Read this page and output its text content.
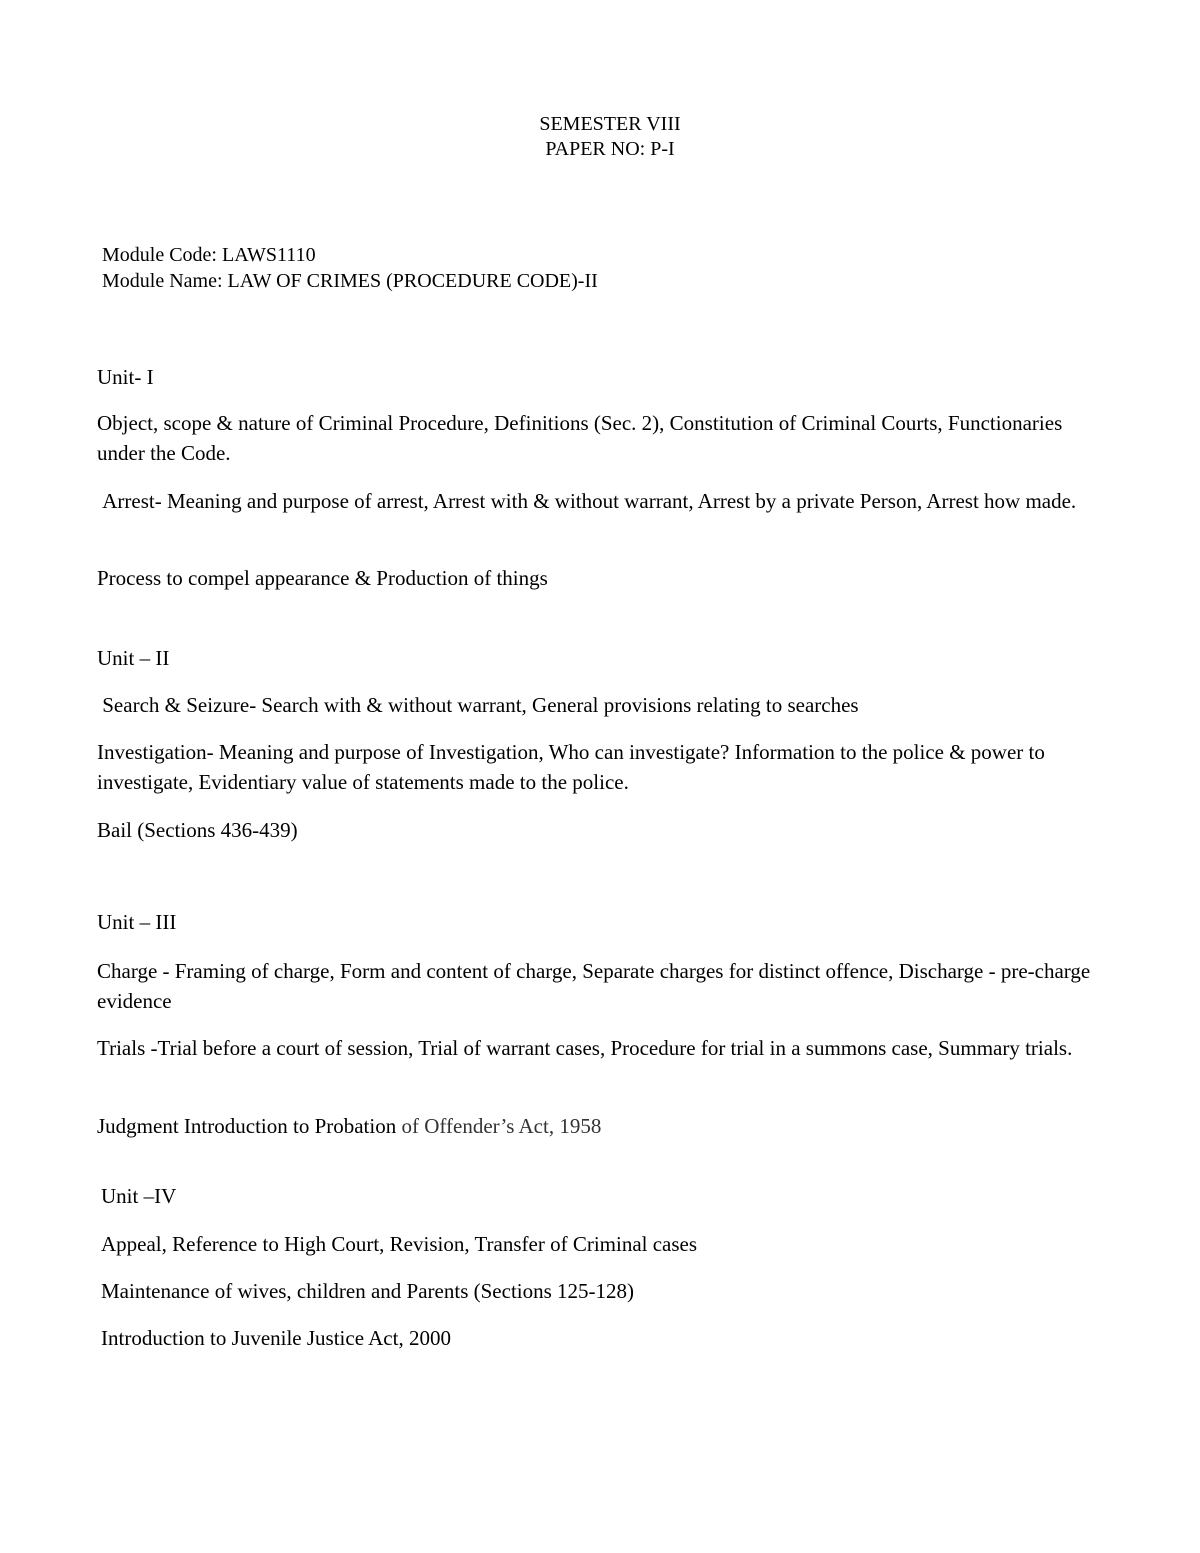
SEMESTER VIII
PAPER NO: P-I
Module Code: LAWS1110
Module Name: LAW OF CRIMES (PROCEDURE CODE)-II
Unit- I
Object, scope & nature of Criminal Procedure, Definitions (Sec. 2), Constitution of Criminal Courts, Functionaries under the Code.
Arrest- Meaning and purpose of arrest, Arrest with & without warrant, Arrest by a private Person, Arrest how made.
Process to compel appearance & Production of things
Unit – II
Search & Seizure- Search with & without warrant, General provisions relating to searches
Investigation- Meaning and purpose of Investigation, Who can investigate? Information to the police & power to investigate, Evidentiary value of statements made to the police.
Bail (Sections 436-439)
Unit – III
Charge - Framing of charge, Form and content of charge, Separate charges for distinct offence, Discharge - pre-charge evidence
Trials -Trial before a court of session, Trial of warrant cases, Procedure for trial in a summons case, Summary trials.
Judgment Introduction to Probation of Offender’s Act, 1958
Unit –IV
Appeal, Reference to High Court, Revision, Transfer of Criminal cases
Maintenance of wives, children and Parents (Sections 125-128)
Introduction to Juvenile Justice Act, 2000
